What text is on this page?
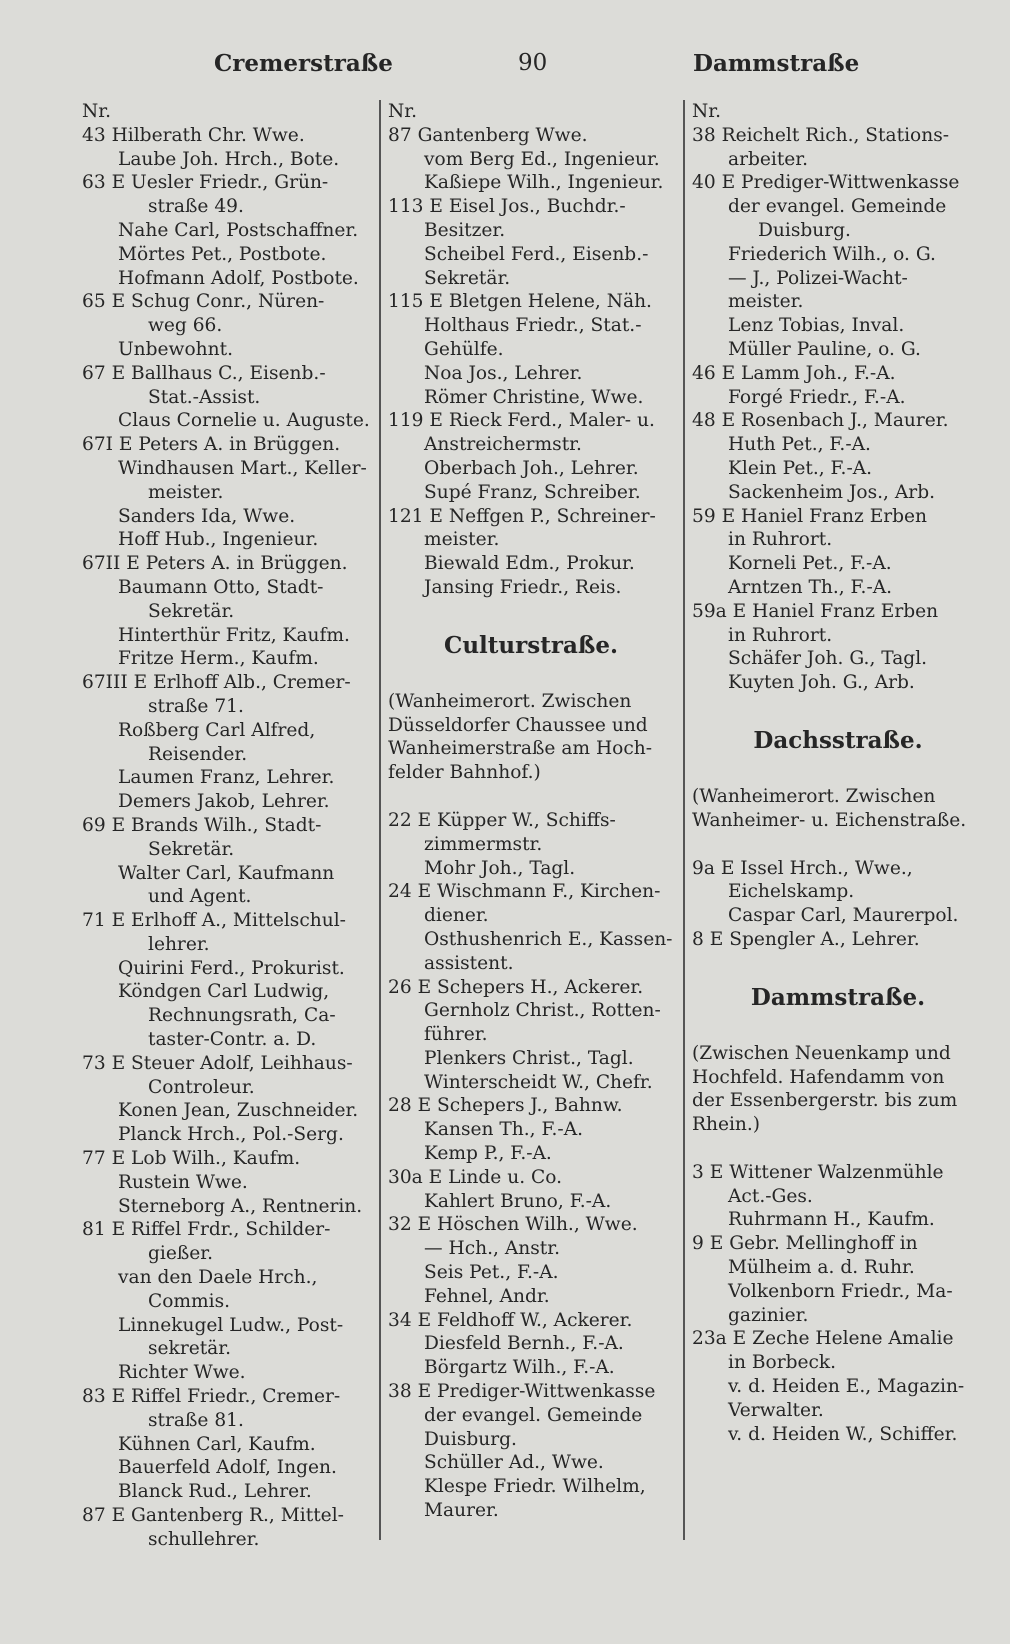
Cremerstraße	90	Dammstraße
Nr.
43 Hilberath Chr. Wwe.
Laube Joh. Hrch., Bote.
63 E Uesler Friedr., Grün-
straße 49.
Nahe Carl, Postschaffner.
Mörtes Pet., Postbote.
Hofmann Adolf, Postbote.
65 E Schug Conr., Nüren-
weg 66.
Unbewohnt.
67 E Ballhaus C., Eisenb.-
Stat.-Assist.
Claus Cornelie u. Auguste.
67I E Peters A. in Brüggen.
Windhausen Mart., Keller-
meister.
Sanders Ida, Wwe.
Hoff Hub., Ingenieur.
67II E Peters A. in Brüggen.
Baumann Otto, Stadt-
Sekretär.
Hinterthür Fritz, Kaufm.
Fritze Herm., Kaufm.
67III E Erlhoff Alb., Cremer-
straße 71.
Roßberg Carl Alfred,
Reisender.
Laumen Franz, Lehrer.
Demers Jakob, Lehrer.
69 E Brands Wilh., Stadt-
Sekretär.
Walter Carl, Kaufmann
und Agent.
71 E Erlhoff A., Mittelschul-
lehrer.
Quirini Ferd., Prokurist.
Köndgen Carl Ludwig,
Rechnungsrath, Ca-
taster-Contr. a. D.
73 E Steuer Adolf, Leihhaus-
Controleur.
Konen Jean, Zuschneider.
Planck Hrch., Pol.-Serg.
77 E Lob Wilh., Kaufm.
Rustein Wwe.
Sterneborg A., Rentnerin.
81 E Riffel Frdr., Schilder-
gießer.
van den Daele Hrch.,
Commis.
Linnekugel Ludw., Post-
sekretär.
Richter Wwe.
83 E Riffel Friedr., Cremer-
straße 81.
Kühnen Carl, Kaufm.
Bauerfeld Adolf, Ingen.
Blanck Rud., Lehrer.
87 E Gantenberg R., Mittel-
schullehrer.
Nr.
87 Gantenberg Wwe.
vom Berg Ed., Ingenieur.
Kaßiepe Wilh., Ingenieur.
113 E Eisel Jos., Buchdr.-
Besitzer.
Scheibel Ferd., Eisenb.-
Sekretär.
115 E Bletgen Helene, Näh.
Holthaus Friedr., Stat.-
Gehülfe.
Noa Jos., Lehrer.
Römer Christine, Wwe.
119 E Rieck Ferd., Maler- u.
Anstreichermstr.
Oberbach Joh., Lehrer.
Supé Franz, Schreiber.
121 E Neffgen P., Schreiner-
meister.
Biewald Edm., Prokur.
Jansing Friedr., Reis.
Culturstraße.
(Wanheimerort. Zwischen
Düsseldorfer Chaussee und
Wanheimerstraße am Hoch-
felder Bahnhof.)
22 E Küpper W., Schiffs-
zimmermstr.
Mohr Joh., Tagl.
24 E Wischmann F., Kirchen-
diener.
Osthushenrich E., Kassen-
assistent.
26 E Schepers H., Ackerer.
Gernholz Christ., Rotten-
führer.
Plenkers Christ., Tagl.
Winterscheidt W., Chefr.
28 E Schepers J., Bahnw.
Kansen Th., F.-A.
Kemp P., F.-A.
30a E Linde u. Co.
Kahlert Bruno, F.-A.
32 E Höschen Wilh., Wwe.
— Hch., Anstr.
Seis Pet., F.-A.
Fehnel, Andr.
34 E Feldhoff W., Ackerer.
Diesfeld Bernh., F.-A.
Börgartz Wilh., F.-A.
38 E Prediger-Wittwenkasse
der evangel. Gemeinde
Duisburg.
Schüller Ad., Wwe.
Klespe Friedr. Wilhelm,
Maurer.
Nr.
38 Reichelt Rich., Stations-
arbeiter.
40 E Prediger-Wittwenkasse
der evangel. Gemeinde
Duisburg.
Friederich Wilh., o. G.
— J., Polizei-Wacht-
meister.
Lenz Tobias, Inval.
Müller Pauline, o. G.
46 E Lamm Joh., F.-A.
Forgé Friedr., F.-A.
48 E Rosenbach J., Maurer.
Huth Pet., F.-A.
Klein Pet., F.-A.
Sackenheim Jos., Arb.
59 E Haniel Franz Erben
in Ruhrort.
Korneli Pet., F.-A.
Arntzen Th., F.-A.
59a E Haniel Franz Erben
in Ruhrort.
Schäfer Joh. G., Tagl.
Kuyten Joh. G., Arb.
Dachsstraße.
(Wanheimerort. Zwischen
Wanheimer- u. Eichenstraße.
9a E Issel Hrch., Wwe.,
Eichelskamp.
Caspar Carl, Maurerpol.
8 E Spengler A., Lehrer.
Dammstraße.
(Zwischen Neuenkamp und
Hochfeld. Hafendamm von
der Essenbergerstr. bis zum
Rhein.)
3 E Wittener Walzenmühle
Act.-Ges.
Ruhrmann H., Kaufm.
9 E Gebr. Mellinghoff in
Mülheim a. d. Ruhr.
Volkenborn Friedr., Ma-
gazinier.
23a E Zeche Helene Amalie
in Borbeck.
v. d. Heiden E., Magazin-
Verwalter.
v. d. Heiden W., Schiffer.
